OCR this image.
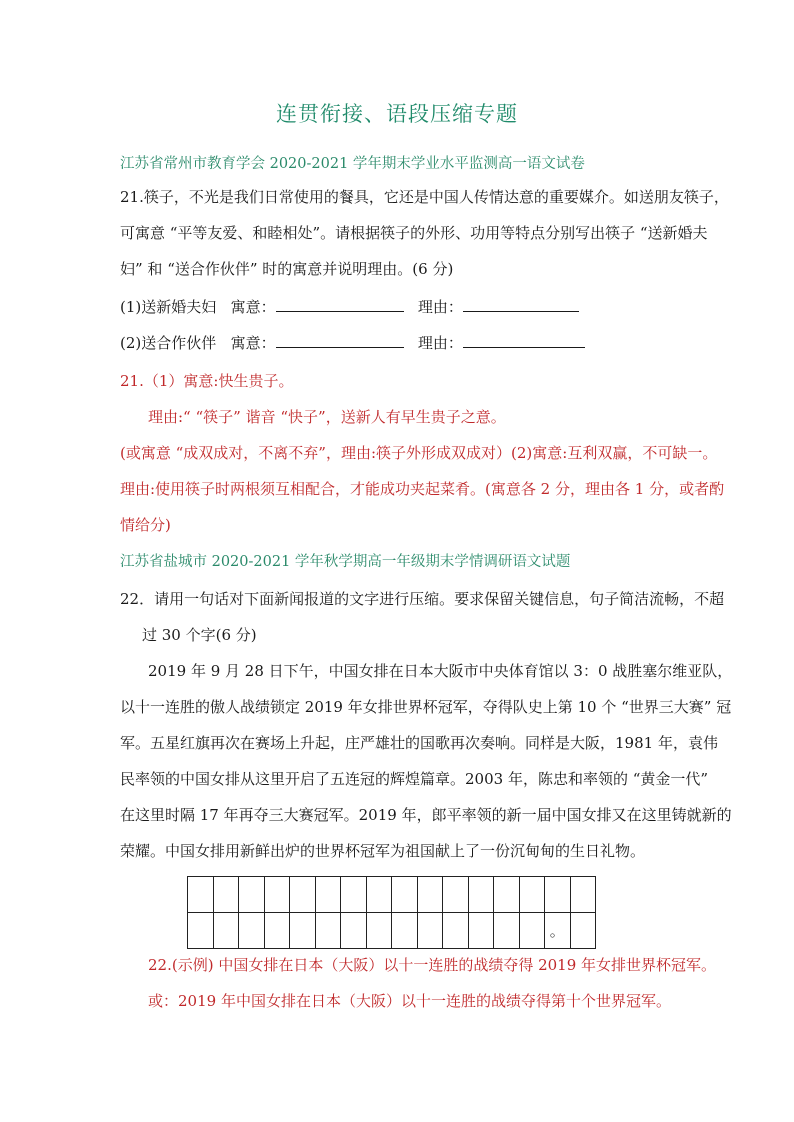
连贯衔接、语段压缩专题
江苏省常州市教育学会 2020-2021 学年期末学业水平监测高一语文试卷
21.筷子，不光是我们日常使用的餐具，它还是中国人传情达意的重要媒介。如送朋友筷子，
可寓意 “平等友爱、和睦相处”。请根据筷子的外形、功用等特点分别写出筷子 “送新婚夫
妇” 和 “送合作伙伴” 时的寓意并说明理由。(6 分)
(1)送新婚夫妇 寓意：	理由：
(2)送合作伙伴 寓意：	理由：
21.（1）寓意:快生贵子。
理由:“ “筷子” 谐音 “快子”，送新人有早生贵子之意。
(或寓意 “成双成对，不离不弃”，理由:筷子外形成双成对）(2)寓意:互利双赢，不可缺一。
理由:使用筷子时两根须互相配合，才能成功夹起菜肴。(寓意各 2 分，理由各 1 分，或者酌
情给分)
江苏省盐城市 2020-2021 学年秋学期高一年级期末学情调研语文试题
22．请用一句话对下面新闻报道的文字进行压缩。要求保留关键信息，句子简洁流畅，不超
过 30 个字(6 分)
2019 年 9 月 28 日下午，中国女排在日本大阪市中央体育馆以 3：0 战胜塞尔维亚队，
以十一连胜的傲人战绩锁定 2019 年女排世界杯冠军，夺得队史上第 10 个 “世界三大赛” 冠
军。五星红旗再次在赛场上升起，庄严雄壮的国歌再次奏响。同样是大阪，1981 年，袁伟
民率领的中国女排从这里开启了五连冠的辉煌篇章。2003 年，陈忠和率领的 “黄金一代”
在这里时隔 17 年再夺三大赛冠军。2019 年，郎平率领的新一届中国女排又在这里铸就新的
荣耀。中国女排用新鲜出炉的世界杯冠军为祖国献上了一份沉甸甸的生日礼物。

														。	
22.(示例) 中国女排在日本（大阪）以十一连胜的战绩夺得 2019 年女排世界杯冠军。
或：2019 年中国女排在日本（大阪）以十一连胜的战绩夺得第十个世界冠军。
